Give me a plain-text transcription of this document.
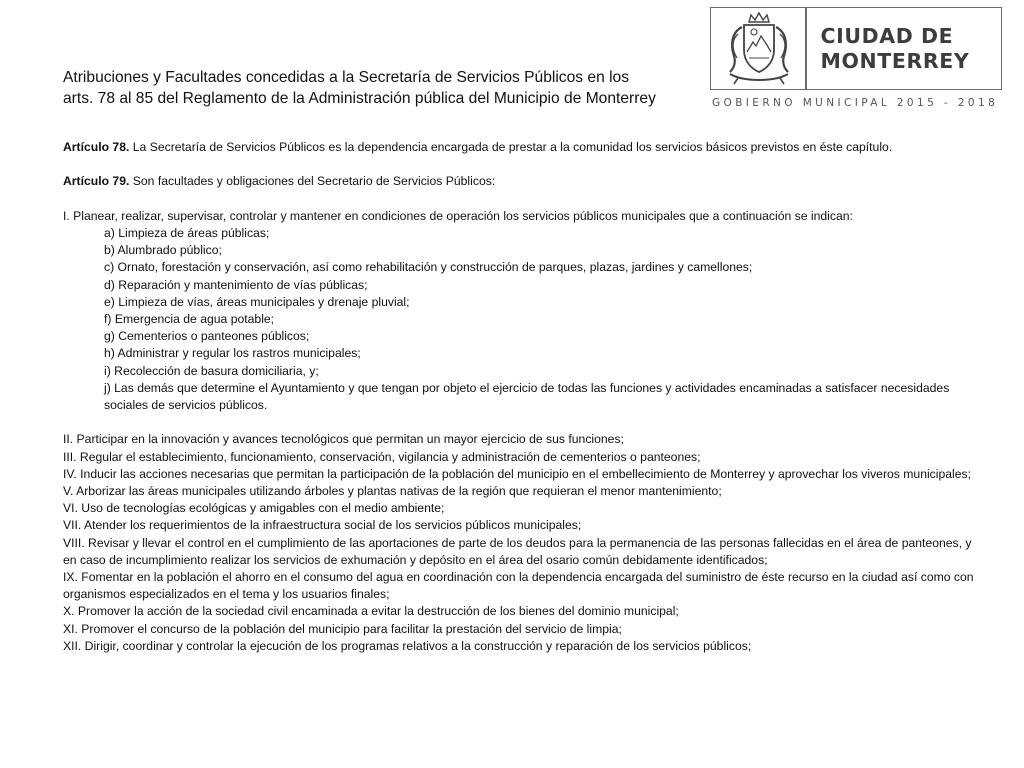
CIUDAD DE
MONTERREY
GOBIERNO MUNICIPAL 2015 - 2018
Atribuciones y Facultades concedidas a la Secretaría de Servicios Públicos en los
arts. 78 al 85 del Reglamento de la Administración pública del Municipio de Monterrey

Artículo 78. La Secretaría de Servicios Públicos es la dependencia encargada de prestar a la comunidad los servicios básicos previstos en éste capítulo.

Artículo 79. Son facultades y obligaciones del Secretario de Servicios Públicos:

I. Planear, realizar, supervisar, controlar y mantener en condiciones de operación los servicios públicos municipales que a continuación se indican:

a) Limpieza de áreas públicas;

b) Alumbrado público;

c) Ornato, forestación y conservación, así como rehabilitación y construcción de parques, plazas, jardines y camellones;

d) Reparación y mantenimiento de vías públicas;

e) Limpieza de vías, áreas municipales y drenaje pluvial;

f) Emergencia de agua potable;

g) Cementerios o panteones públicos;

h) Administrar y regular los rastros municipales;

i) Recolección de basura domiciliaria, y;

j) Las demás que determine el Ayuntamiento y que tengan por objeto el ejercicio de todas las funciones y actividades encaminadas a satisfacer necesidades sociales de servicios públicos.

II. Participar en la innovación y avances tecnológicos que permitan un mayor ejercicio de sus funciones;

III. Regular el establecimiento, funcionamiento, conservación, vigilancia y administración de cementerios o panteones;

IV. Inducir las acciones necesarias que permitan la participación de la población del municipio en el embellecimiento de Monterrey y aprovechar los viveros municipales;

V. Arborizar las áreas municipales utilizando árboles y plantas nativas de la región que requieran el menor mantenimiento;

VI. Uso de tecnologías ecológicas y amigables con el medio ambiente;

VII. Atender los requerimientos de la infraestructura social de los servicios públicos municipales;

VIII. Revisar y llevar el control en el cumplimiento de las aportaciones de parte de los deudos para la permanencia de las personas fallecidas en el área de panteones, y en caso de incumplimiento realizar los servicios de exhumación y depósito en el área del osario común debidamente identificados;

IX. Fomentar en la población el ahorro en el consumo del agua en coordinación con la dependencia encargada del suministro de éste recurso en la ciudad así como con organismos especializados en el tema y los usuarios finales;

X. Promover la acción de la sociedad civil encaminada a evitar la destrucción de los bienes del dominio municipal;

XI. Promover el concurso de la población del municipio para facilitar la prestación del servicio de limpia;

XII. Dirigir, coordinar y controlar la ejecución de los programas relativos a la construcción y reparación de los servicios públicos;
